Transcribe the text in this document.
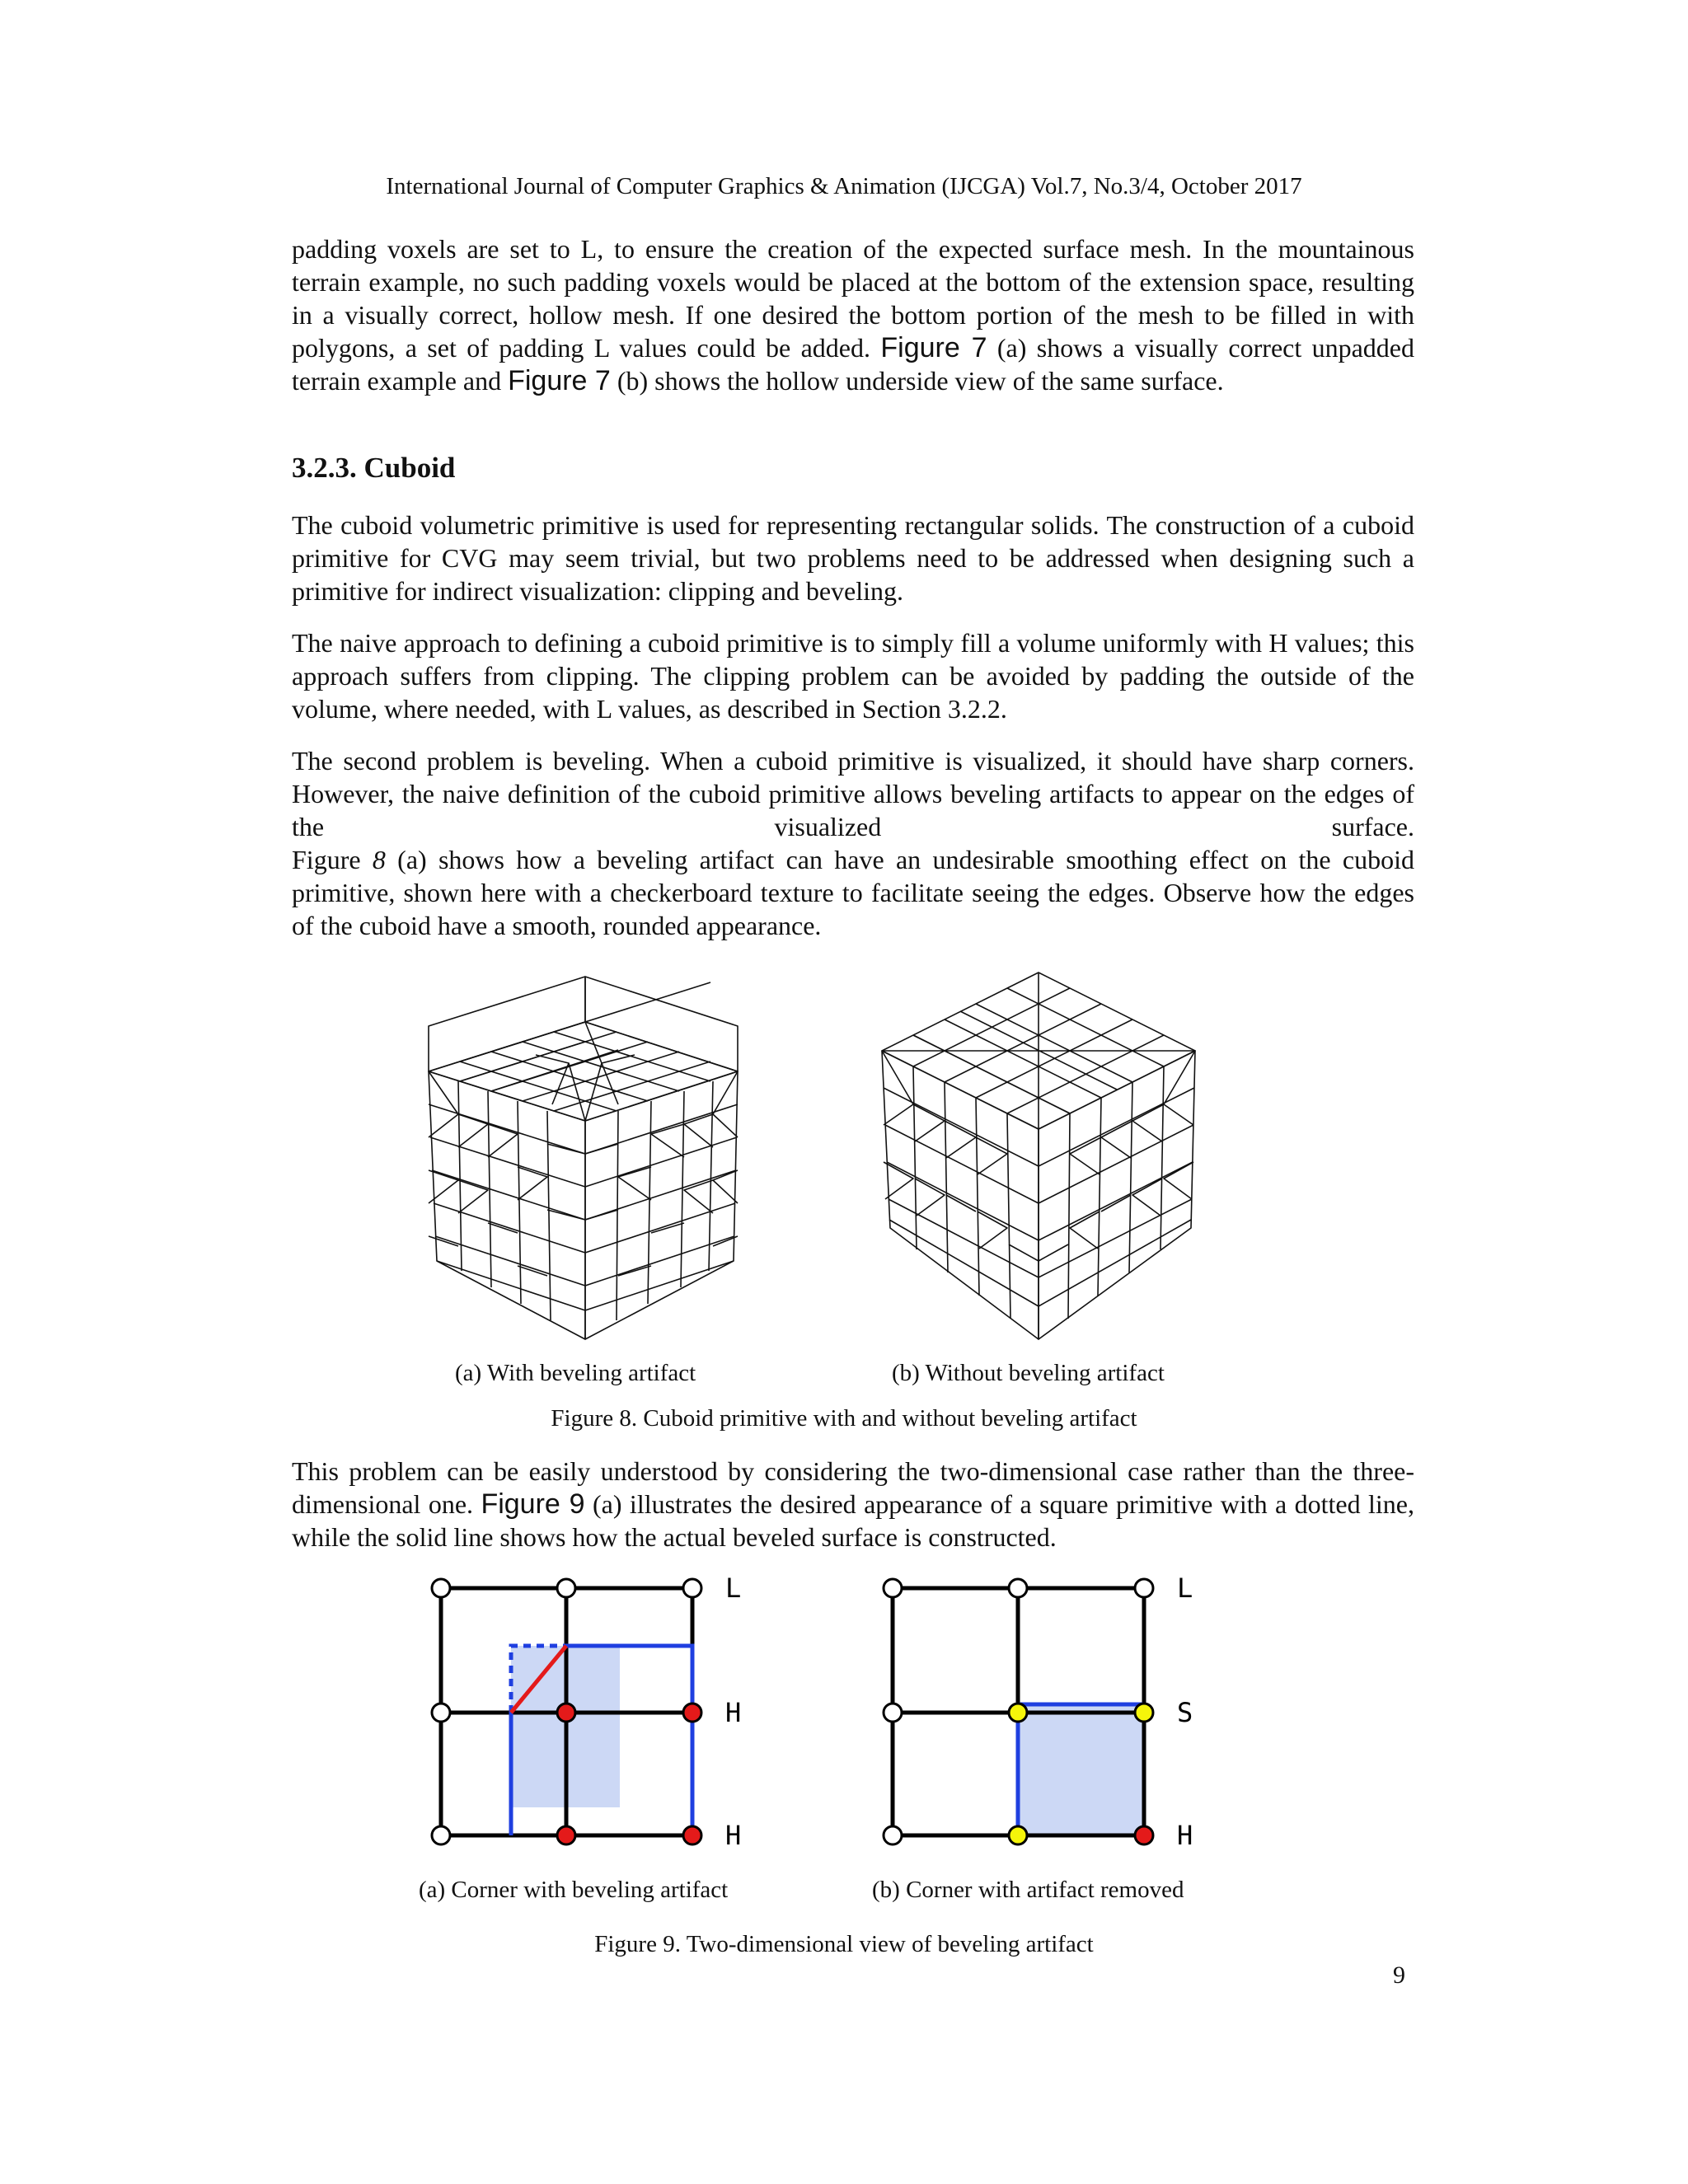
International Journal of Computer Graphics & Animation (IJCGA) Vol.7, No.3/4, October 2017

padding voxels are set to L, to ensure the creation of the expected surface mesh. In the mountainous terrain example, no such padding voxels would be placed at the bottom of the extension space, resulting in a visually correct, hollow mesh. If one desired the bottom portion of the mesh to be filled in with polygons, a set of padding L values could be added. Figure 7 (a) shows a visually correct unpadded terrain example and Figure 7 (b) shows the hollow underside view of the same surface.

3.2.3. Cuboid

The cuboid volumetric primitive is used for representing rectangular solids. The construction of a cuboid primitive for CVG may seem trivial, but two problems need to be addressed when designing such a primitive for indirect visualization: clipping and beveling.

The naive approach to defining a cuboid primitive is to simply fill a volume uniformly with H values; this approach suffers from clipping. The clipping problem can be avoided by padding the outside of the volume, where needed, with L values, as described in Section 3.2.2.

The second problem is beveling. When a cuboid primitive is visualized, it should have sharp corners. However, the naive definition of the cuboid primitive allows beveling artifacts to appear on the edges of the visualized surface.

Figure 8 (a) shows how a beveling artifact can have an undesirable smoothing effect on the cuboid primitive, shown here with a checkerboard texture to facilitate seeing the edges. Observe how the edges of the cuboid have a smooth, rounded appearance.

(a) With beveling artifact	(b) Without beveling artifact
Figure 8. Cuboid primitive with and without beveling artifact

This problem can be easily understood by considering the two-dimensional case rather than the three-dimensional one. Figure 9 (a) illustrates the desired appearance of a square primitive with a dotted line, while the solid line shows how the actual beveled surface is constructed.

L
H
H
L
S
H
(a) Corner with beveling artifact	(b) Corner with artifact removed
Figure 9. Two-dimensional view of beveling artifact
9
